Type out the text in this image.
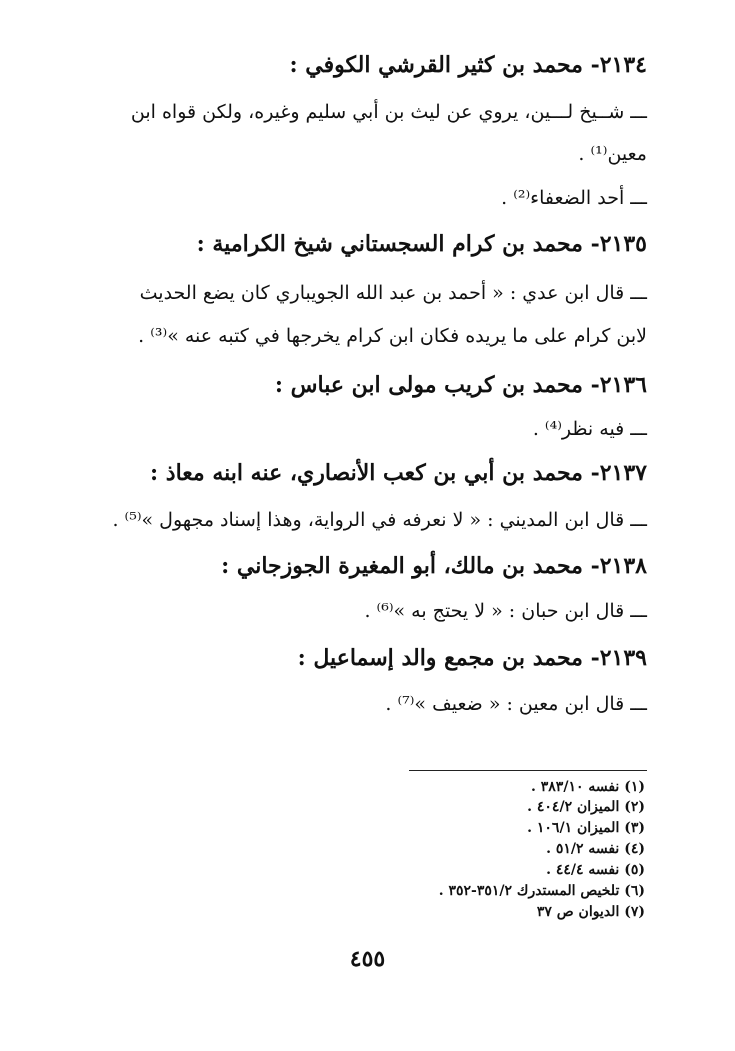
٢١٣٤- محمد بن كثير القرشي الكوفي :
ـــ شــيخ لـــين، يروي عن ليث بن أبي سليم وغيره، ولكن قواه ابن
معين⁽¹⁾ .
ـــ أحد الضعفاء⁽²⁾ .
٢١٣٥- محمد بن كرام السجستاني شيخ الكرامية :
ـــ قال ابن عدي : « أحمد بن عبد الله الجويباري كان يضع الحديث
لابن كرام على ما يريده فكان ابن كرام يخرجها في كتبه عنه »⁽³⁾ .
٢١٣٦- محمد بن كريب مولى ابن عباس :
ـــ فيه نظر⁽⁴⁾ .
٢١٣٧- محمد بن أبي بن كعب الأنصاري، عنه ابنه معاذ :
ـــ قال ابن المديني : « لا نعرفه في الرواية، وهذا إسناد مجهول »⁽⁵⁾ .
٢١٣٨- محمد بن مالك، أبو المغيرة الجوزجاني :
ـــ قال ابن حبان : « لا يحتج به »⁽⁶⁾ .
٢١٣٩- محمد بن مجمع والد إسماعيل :
ـــ قال ابن معين : « ضعيف »⁽⁷⁾ .
(١) نفسه ٣٨٣/١٠ .
(٢) الميزان ٤٠٤/٢ .
(٣) الميزان ١٠٦/١ .
(٤) نفسه ٥١/٢ .
(٥) نفسه ٤٤/٤ .
(٦) تلخيص المستدرك ٣٥١/٢-٣٥٢ .
(٧) الديوان ص ٣٧
٤٥٥
